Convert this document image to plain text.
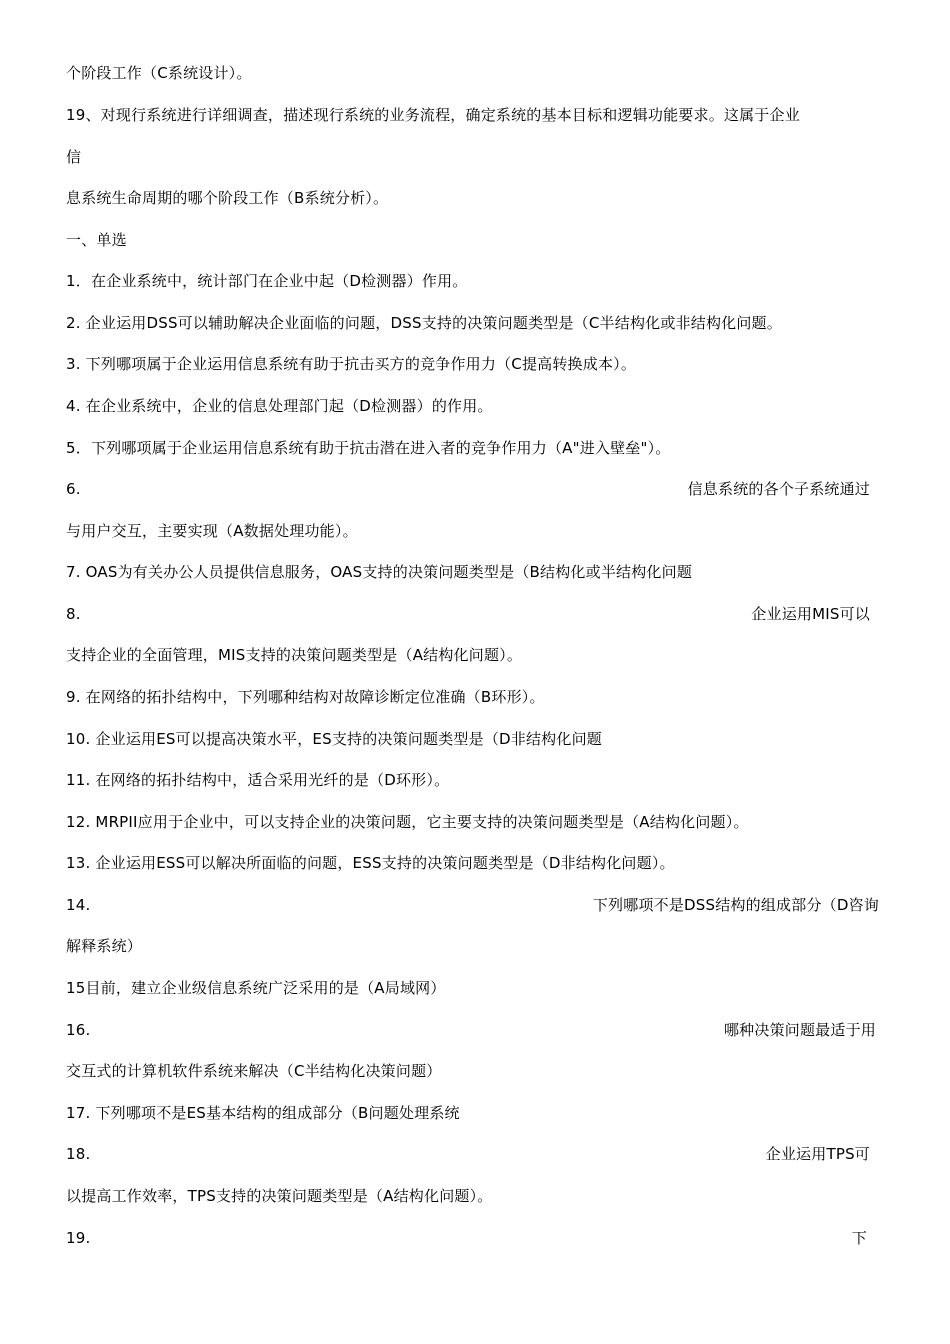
个阶段工作（C系统设计）。
19、对现行系统进行详细调查，描述现行系统的业务流程，确定系统的基本目标和逻辑功能要求。这属于企业
信
息系统生命周期的哪个阶段工作（B系统分析）。
一、单选
1．在企业系统中，统计部门在企业中起（D检测器）作用。
2. 企业运用DSS可以辅助解决企业面临的问题，DSS支持的决策问题类型是（C半结构化或非结构化问题。
3. 下列哪项属于企业运用信息系统有助于抗击买方的竞争作用力（C提高转换成本）。
4. 在企业系统中，企业的信息处理部门起（D检测器）的作用。
5．下列哪项属于企业运用信息系统有助于抗击潜在进入者的竞争作用力（A"进入壁垒"）。
6.	信息系统的各个子系统通过
与用户交互，主要实现（A数据处理功能）。
7. OAS为有关办公人员提供信息服务，OAS支持的决策问题类型是（B结构化或半结构化问题
8.	企业运用MIS可以
支持企业的全面管理，MIS支持的决策问题类型是（A结构化问题）。
9. 在网络的拓扑结构中，下列哪种结构对故障诊断定位准确（B环形）。
10. 企业运用ES可以提高决策水平，ES支持的决策问题类型是（D非结构化问题
11. 在网络的拓扑结构中，适合采用光纤的是（D环形）。
12. MRPII应用于企业中，可以支持企业的决策问题，它主要支持的决策问题类型是（A结构化问题）。
13. 企业运用ESS可以解决所面临的问题，ESS支持的决策问题类型是（D非结构化问题）。
14.	下列哪项不是DSS结构的组成部分（D咨询
解释系统）
15目前，建立企业级信息系统广泛采用的是（A局域网）
16.	哪种决策问题最适于用
交互式的计算机软件系统来解决（C半结构化决策问题）
17. 下列哪项不是ES基本结构的组成部分（B问题处理系统
18.	企业运用TPS可
以提高工作效率，TPS支持的决策问题类型是（A结构化问题）。
19.	下
